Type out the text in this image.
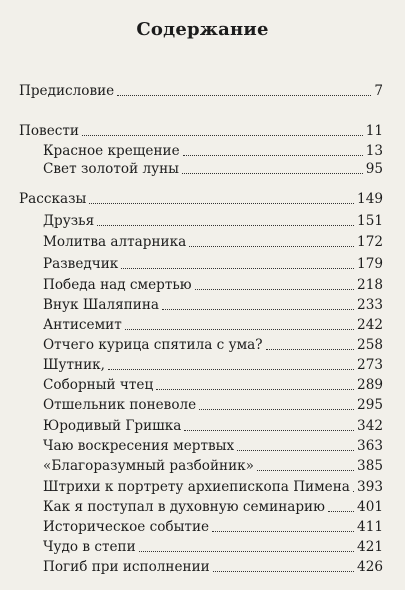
Содержание
Предисловие	7
Повести	11
Красное крещение	13
Свет золотой луны	95
Рассказы	149
Друзья	151
Молитва алтарника	172
Разведчик	179
Победа над смертью	218
Внук Шаляпина	233
Антисемит	242
Отчего курица спятила с ума?	258
Шутник,	273
Соборный чтец	289
Отшельник поневоле	295
Юродивый Гришка	342
Чаю воскресения мертвых	363
«Благоразумный разбойник»	385
Штрихи к портрету архиепископа Пимена 393
Как я поступал в духовную семинарию 401
Историческое событие	411
Чудо в степи	421
Погиб при исполнении	426
